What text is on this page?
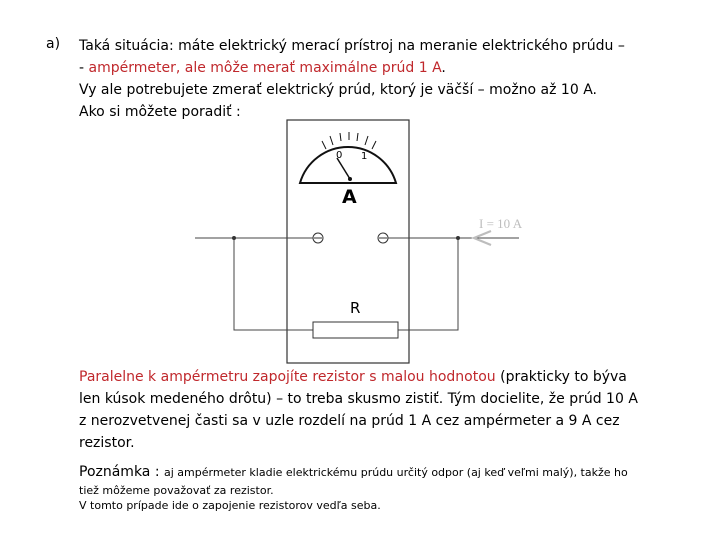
a) Taká situácia: máte elektrický merací prístroj na meranie elektrického prúdu –
- ampérmeter, ale môže merať maximálne prúd 1 A.
Vy ale potrebujete zmerať elektrický prúd, ktorý je väčší – možno až 10 A.
Ako si môžete poradiť :
0 1
A
R
I = 10 A
Paralelne k ampérmetru zapojíte rezistor s malou hodnotou (prakticky to býva
len kúsok medeného drôtu) – to treba skusmo zistiť. Tým docielite, že prúd 10 A
z nerozvetvenej časti sa v uzle rozdelí na prúd 1 A cez ampérmeter a 9 A cez
rezistor.
Poznámka : aj ampérmeter kladie elektrickému prúdu určitý odpor (aj keď veľmi malý), takže ho
tiež môžeme považovať za rezistor.
V tomto prípade ide o zapojenie rezistorov vedľa seba.
